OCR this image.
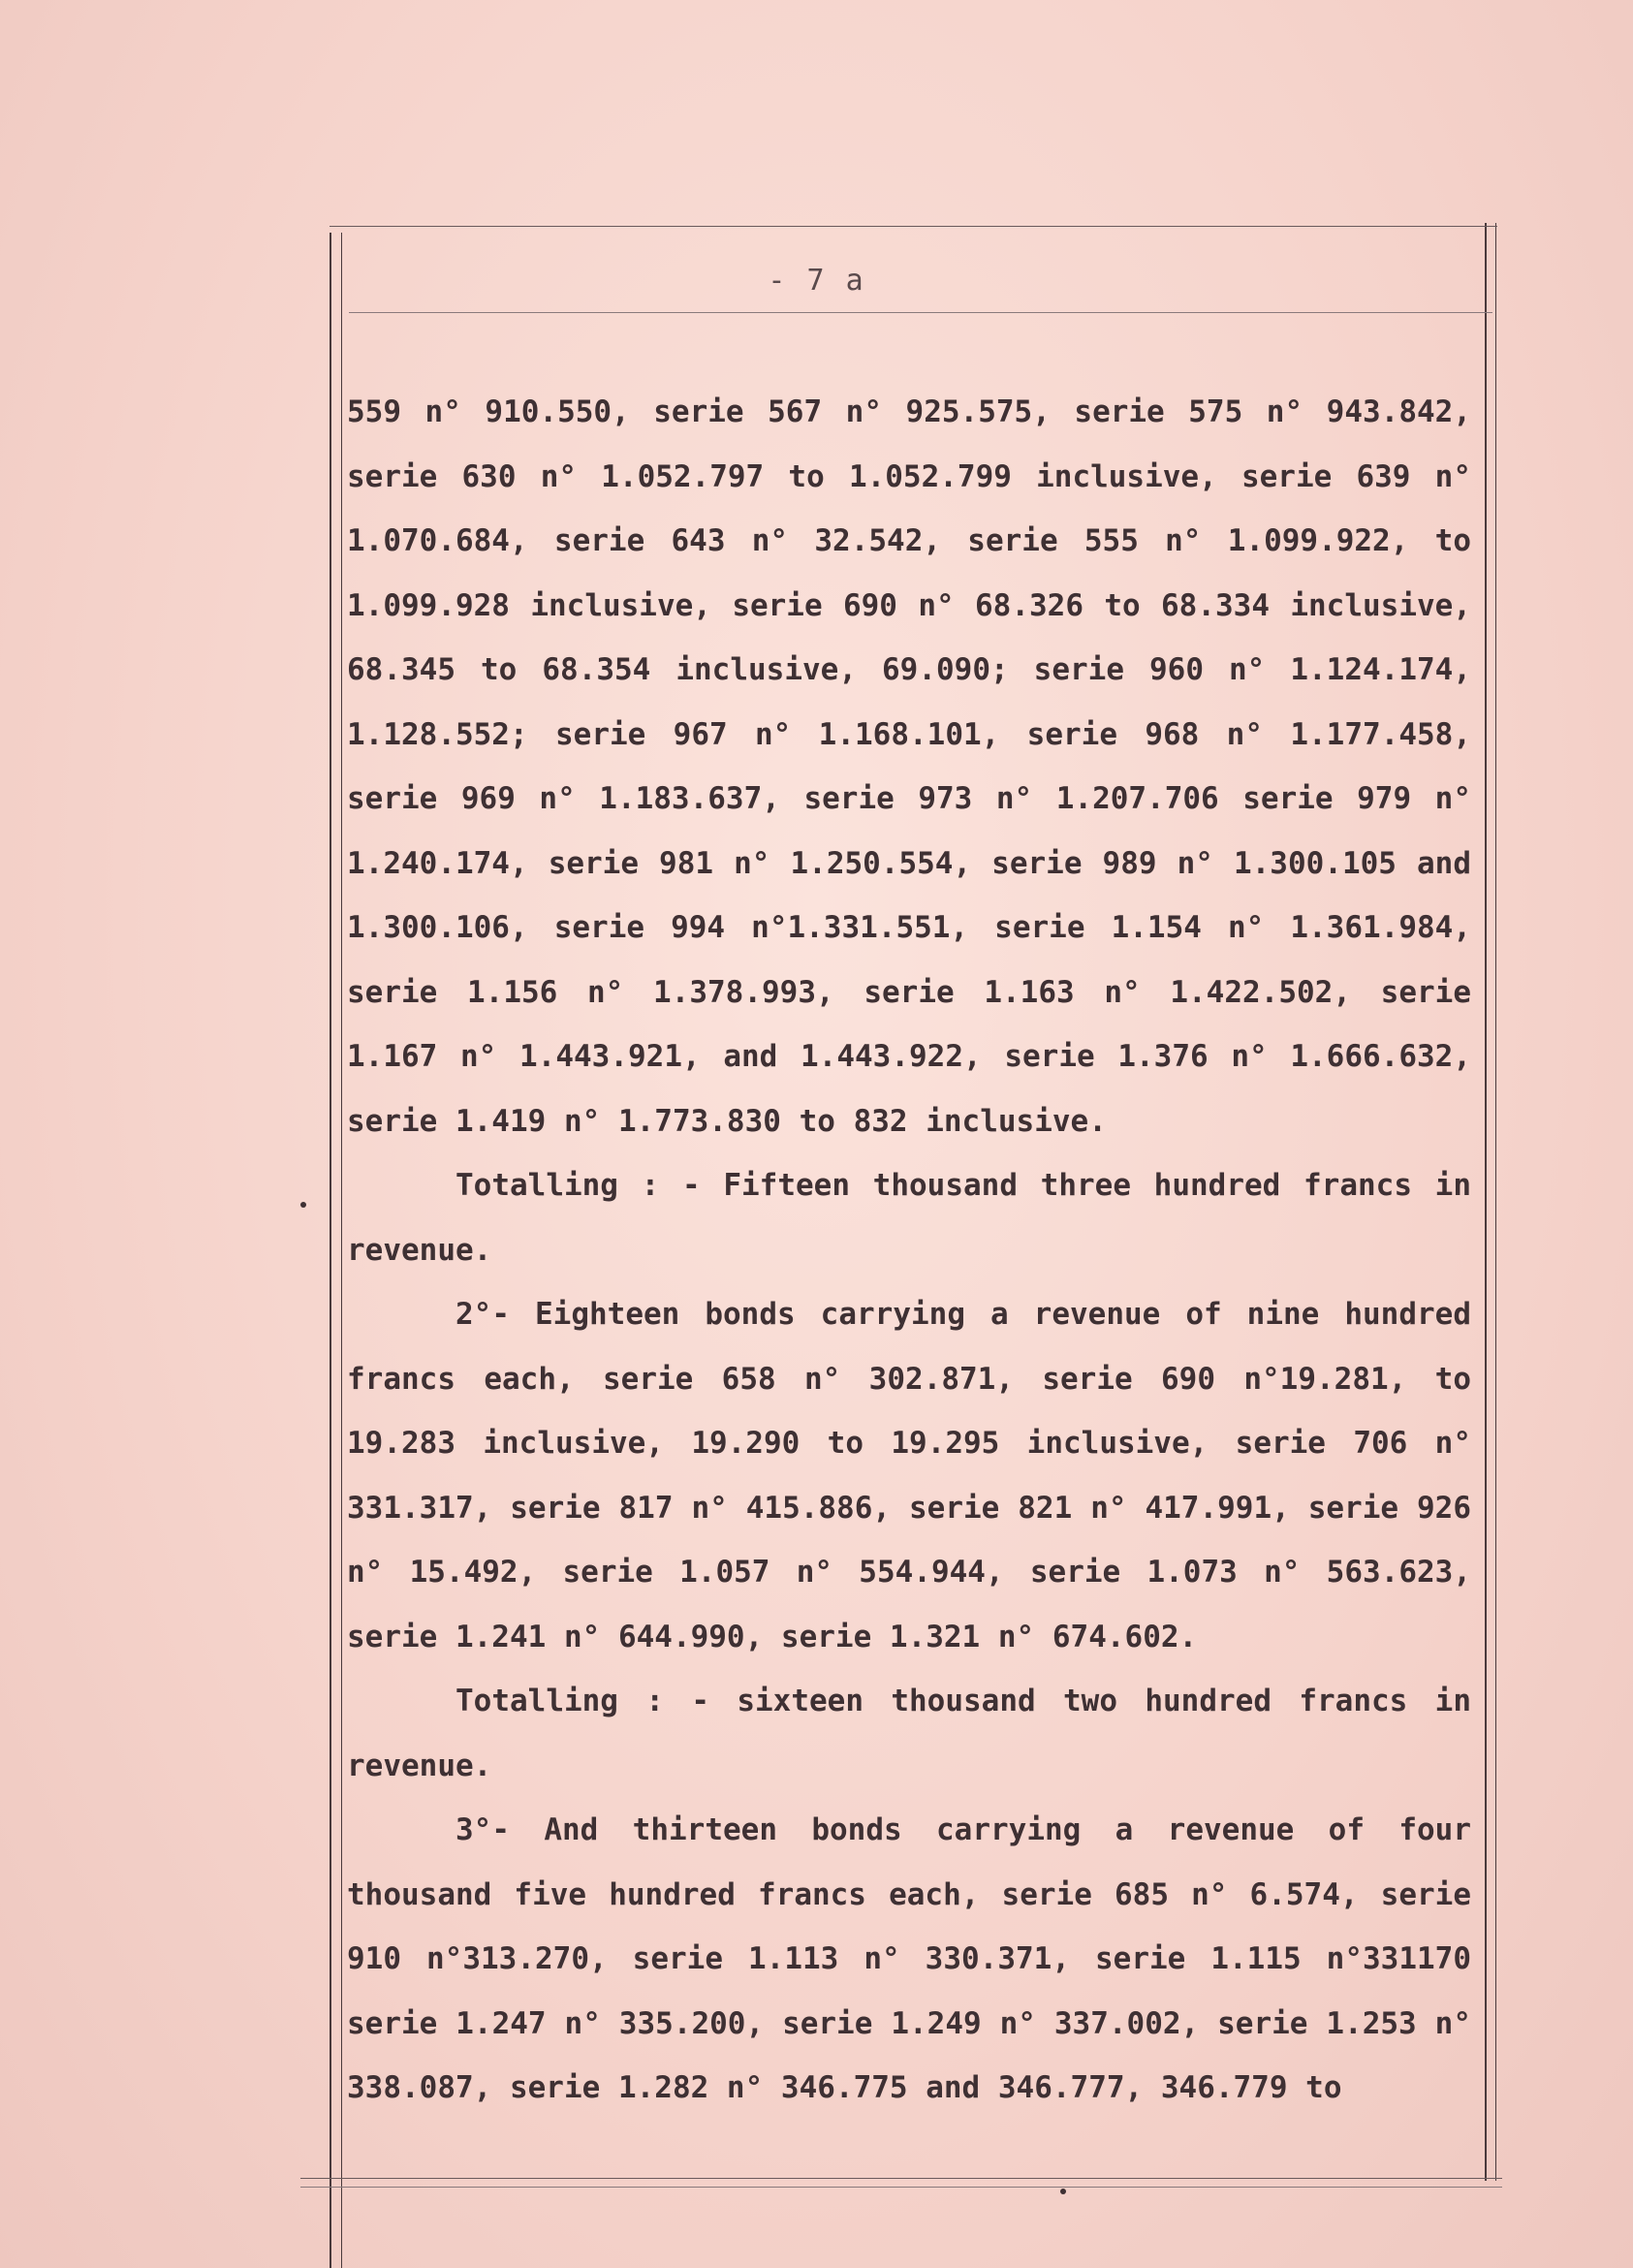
- 7 a

559 n° 910.550, serie 567 n° 925.575, serie 575 n° 943.842, serie 630 n° 1.052.797 to 1.052.799 inclusive, serie 639 n° 1.070.684, serie 643 n° 32.542, serie 555 n° 1.099.922, to 1.099.928 inclusive, serie 690 n° 68.326 to 68.334 inclusive, 68.345 to 68.354 inclusive, 69.090; serie 960 n° 1.124.174, 1.128.552; serie 967 n° 1.168.101, serie 968 n° 1.177.458, serie 969 n° 1.183.637, serie 973 n° 1.207.706 serie 979 n° 1.240.174, serie 981 n° 1.250.554, serie 989 n° 1.300.105 and 1.300.106, serie 994 n°1.331.551, serie 1.154 n° 1.361.984, serie 1.156 n° 1.378.993, serie 1.163 n° 1.422.502, serie 1.167 n° 1.443.921, and 1.443.922, serie 1.376 n° 1.666.632, serie 1.419 n° 1.773.830 to 832 inclusive.

Totalling : - Fifteen thousand three hundred francs in revenue.

2°- Eighteen bonds carrying a revenue of nine hundred francs each, serie 658 n° 302.871, serie 690 n°19.281, to 19.283 inclusive, 19.290 to 19.295 inclusive, serie 706 n° 331.317, serie 817 n° 415.886, serie 821 n° 417.991, serie 926 n° 15.492, serie 1.057 n° 554.944, serie 1.073 n° 563.623, serie 1.241 n° 644.990, serie 1.321 n° 674.602.

Totalling : - sixteen thousand two hundred francs in revenue.

3°- And thirteen bonds carrying a revenue of four thousand five hundred francs each, serie 685 n° 6.574, serie 910 n°313.270, serie 1.113 n° 330.371, serie 1.115 n°331170 serie 1.247 n° 335.200, serie 1.249 n° 337.002, serie 1.253 n° 338.087, serie 1.282 n° 346.775 and 346.777, 346.779 to
